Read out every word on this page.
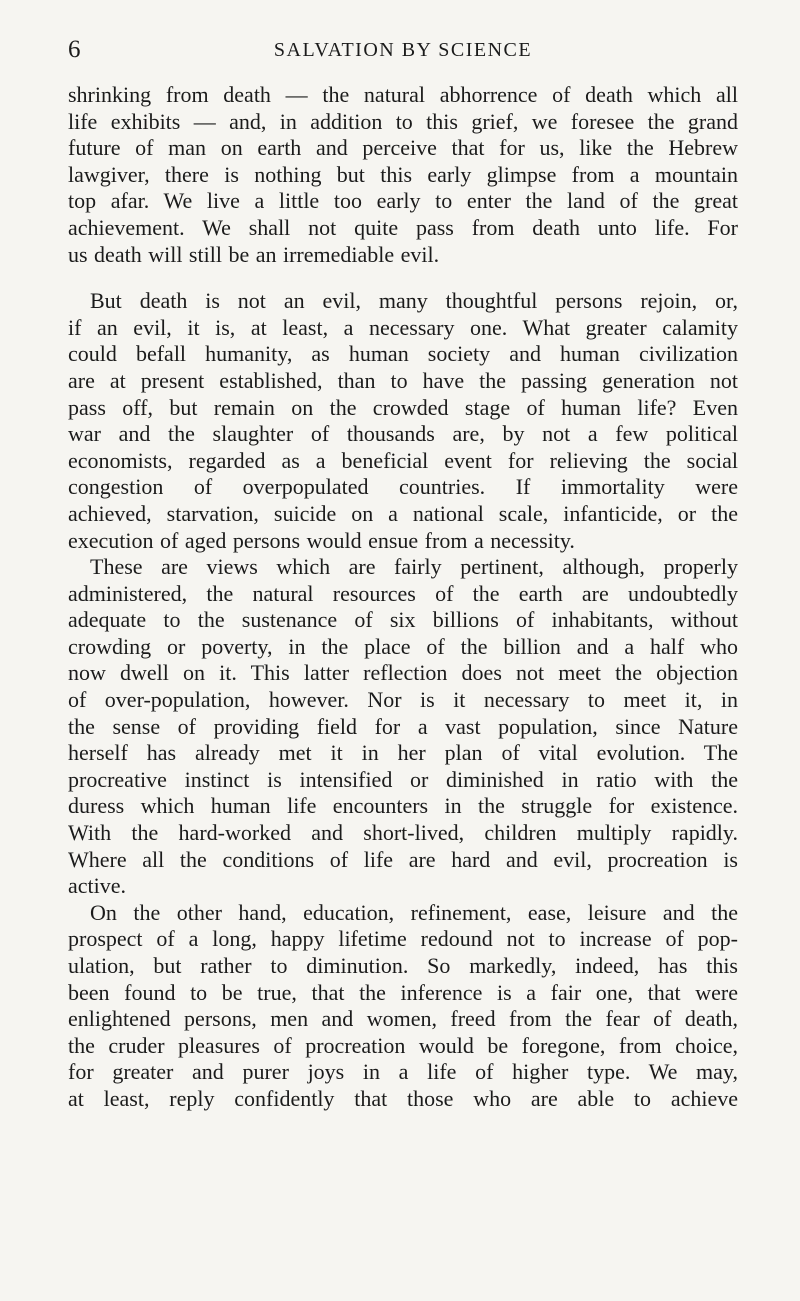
6	SALVATION BY SCIENCE
shrinking from death — the natural abhorrence of death which all
life exhibits — and, in addition to this grief, we foresee the grand
future of man on earth and perceive that for us, like the Hebrew
lawgiver, there is nothing but this early glimpse from a mountain
top afar. We live a little too early to enter the land of the great
achievement. We shall not quite pass from death unto life. For
us death will still be an irremediable evil.
But death is not an evil, many thoughtful persons rejoin, or,
if an evil, it is, at least, a necessary one. What greater calamity
could befall humanity, as human society and human civilization
are at present established, than to have the passing generation not
pass off, but remain on the crowded stage of human life? Even
war and the slaughter of thousands are, by not a few political
economists, regarded as a beneficial event for relieving the social
congestion of overpopulated countries. If immortality were
achieved, starvation, suicide on a national scale, infanticide, or the
execution of aged persons would ensue from a necessity.
These are views which are fairly pertinent, although, properly
administered, the natural resources of the earth are undoubtedly
adequate to the sustenance of six billions of inhabitants, without
crowding or poverty, in the place of the billion and a half who
now dwell on it. This latter reflection does not meet the objection
of over-population, however. Nor is it necessary to meet it, in
the sense of providing field for a vast population, since Nature
herself has already met it in her plan of vital evolution. The
procreative instinct is intensified or diminished in ratio with the
duress which human life encounters in the struggle for existence.
With the hard-worked and short-lived, children multiply rapidly.
Where all the conditions of life are hard and evil, procreation is
active.
On the other hand, education, refinement, ease, leisure and the
prospect of a long, happy lifetime redound not to increase of pop-
ulation, but rather to diminution. So markedly, indeed, has this
been found to be true, that the inference is a fair one, that were
enlightened persons, men and women, freed from the fear of death,
the cruder pleasures of procreation would be foregone, from choice,
for greater and purer joys in a life of higher type. We may,
at least, reply confidently that those who are able to achieve
